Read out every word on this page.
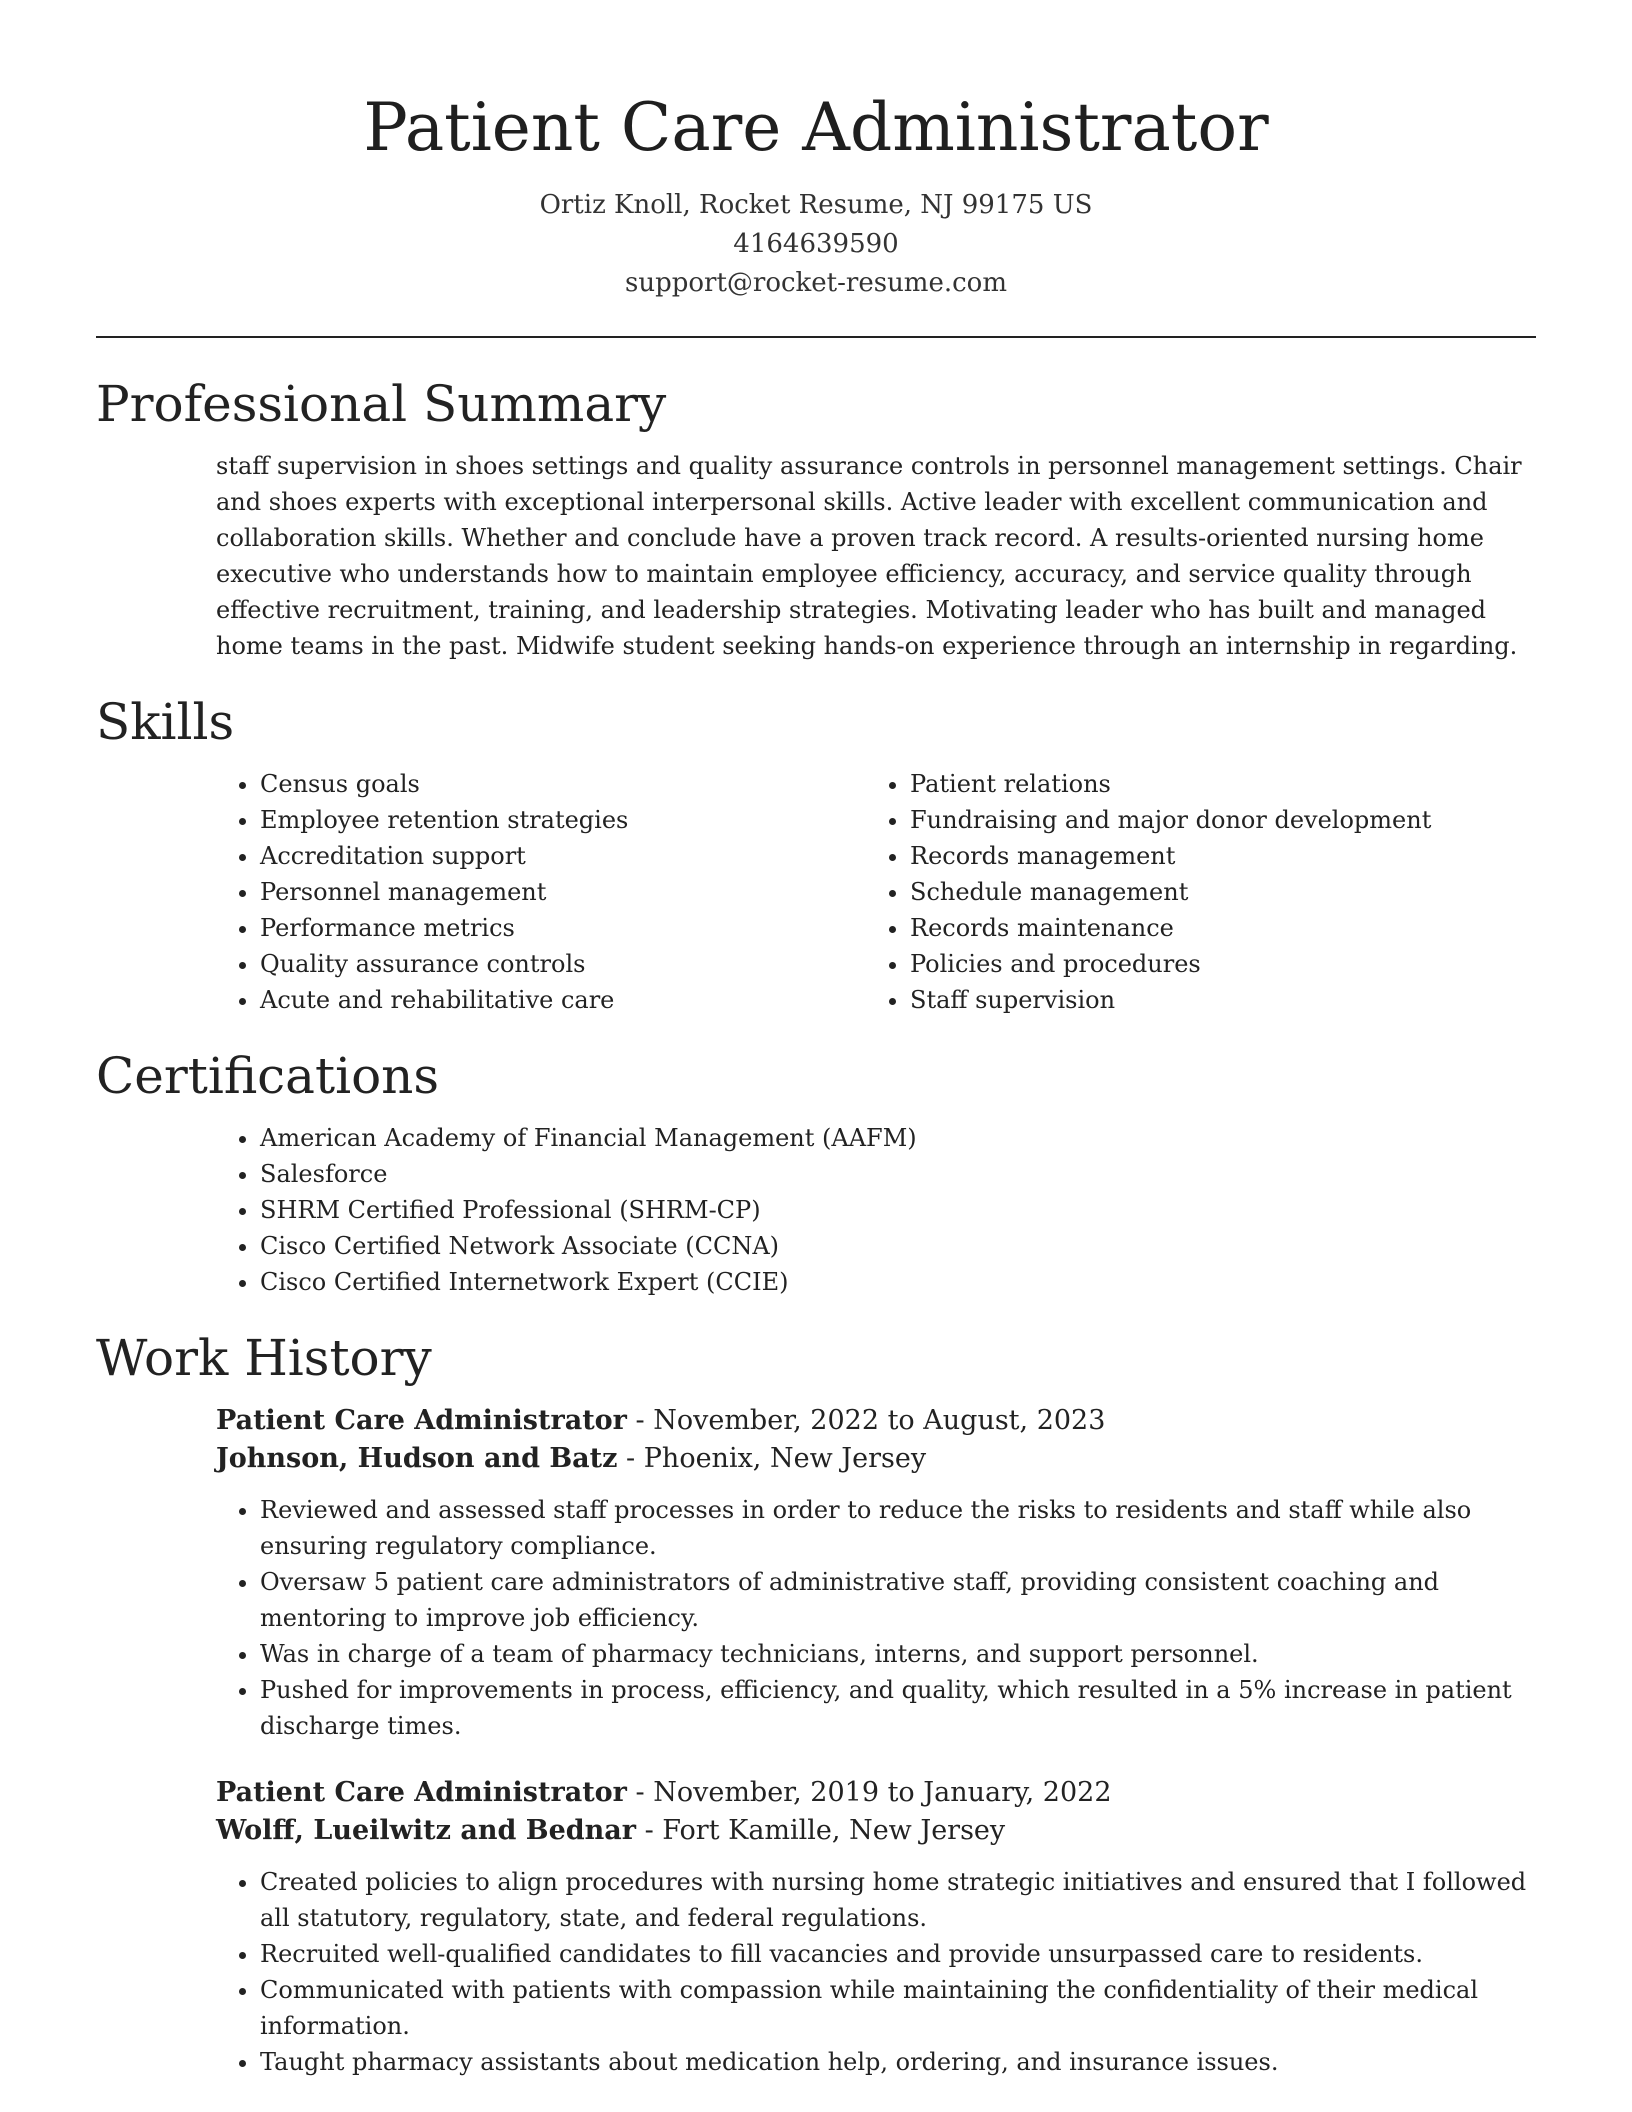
Patient Care Administrator
Ortiz Knoll, Rocket Resume, NJ 99175 US
4164639590
support@rocket-resume.com
Professional Summary

staff supervision in shoes settings and quality assurance controls in personnel management settings. Chair and shoes experts with exceptional interpersonal skills. Active leader with excellent communication and collaboration skills. Whether and conclude have a proven track record. A results-oriented nursing home executive who understands how to maintain employee efficiency, accuracy, and service quality through effective recruitment, training, and leadership strategies. Motivating leader who has built and managed home teams in the past. Midwife student seeking hands-on experience through an internship in regarding.

Skills
• Census goals
• Employee retention strategies
• Accreditation support
• Personnel management
• Performance metrics
• Quality assurance controls
• Acute and rehabilitative care
• Patient relations
• Fundraising and major donor development
• Records management
• Schedule management
• Records maintenance
• Policies and procedures
• Staff supervision
Certifications
• American Academy of Financial Management (AAFM)
• Salesforce
• SHRM Certified Professional (SHRM-CP)
• Cisco Certified Network Associate (CCNA)
• Cisco Certified Internetwork Expert (CCIE)
Work History
Patient Care Administrator - November, 2022 to August, 2023
Johnson, Hudson and Batz - Phoenix, New Jersey
• Reviewed and assessed staff processes in order to reduce the risks to residents and staff while also ensuring regulatory compliance.
• Oversaw 5 patient care administrators of administrative staff, providing consistent coaching and mentoring to improve job efficiency.
• Was in charge of a team of pharmacy technicians, interns, and support personnel.
• Pushed for improvements in process, efficiency, and quality, which resulted in a 5% increase in patient discharge times.
Patient Care Administrator - November, 2019 to January, 2022
Wolff, Lueilwitz and Bednar - Fort Kamille, New Jersey
• Created policies to align procedures with nursing home strategic initiatives and ensured that I followed all statutory, regulatory, state, and federal regulations.
• Recruited well-qualified candidates to fill vacancies and provide unsurpassed care to residents.
• Communicated with patients with compassion while maintaining the confidentiality of their medical information.
• Taught pharmacy assistants about medication help, ordering, and insurance issues.
